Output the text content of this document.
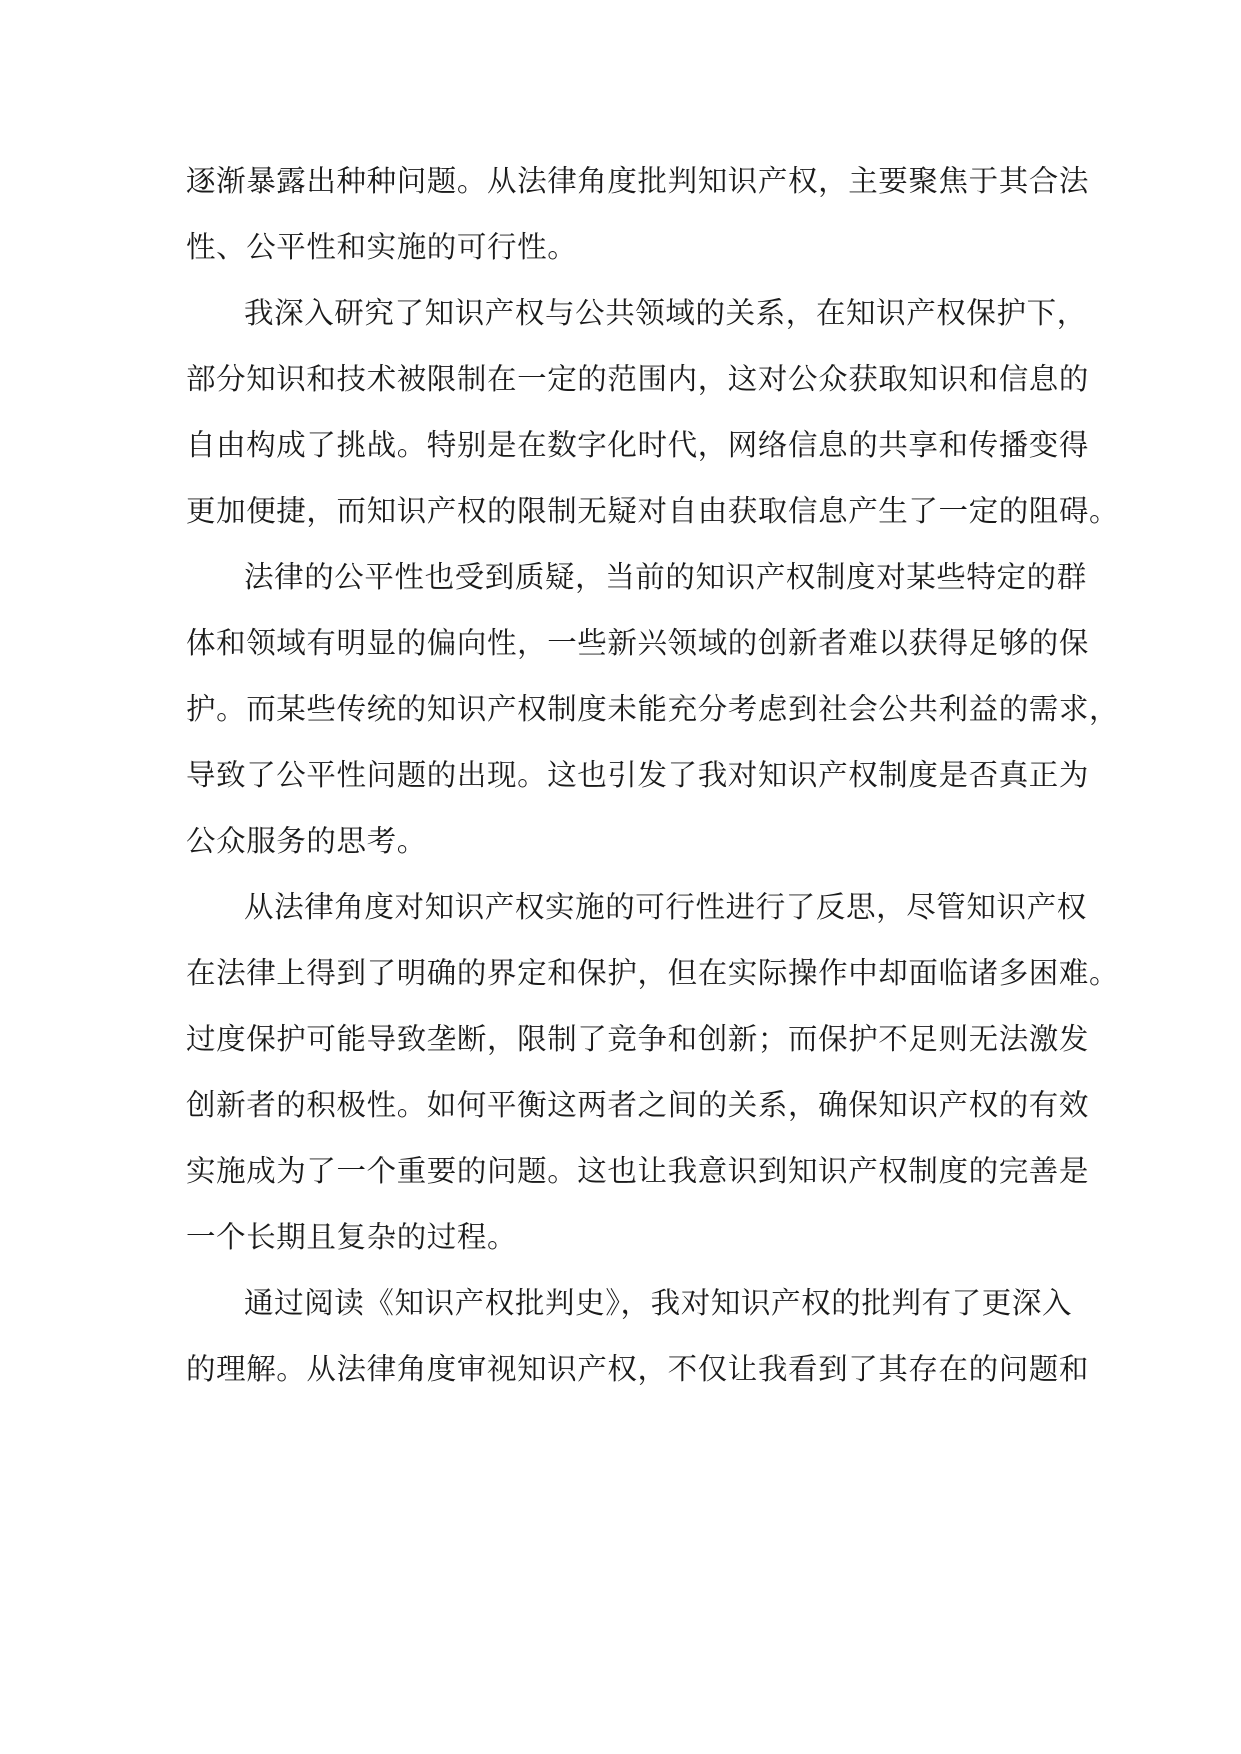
逐渐暴露出种种问题。从法律角度批判知识产权，主要聚焦于其合法
性、公平性和实施的可行性。
我深入研究了知识产权与公共领域的关系，在知识产权保护下，
部分知识和技术被限制在一定的范围内，这对公众获取知识和信息的
自由构成了挑战。特别是在数字化时代，网络信息的共享和传播变得
更加便捷，而知识产权的限制无疑对自由获取信息产生了一定的阻碍。
法律的公平性也受到质疑，当前的知识产权制度对某些特定的群
体和领域有明显的偏向性，一些新兴领域的创新者难以获得足够的保
护。而某些传统的知识产权制度未能充分考虑到社会公共利益的需求，
导致了公平性问题的出现。这也引发了我对知识产权制度是否真正为
公众服务的思考。
从法律角度对知识产权实施的可行性进行了反思，尽管知识产权
在法律上得到了明确的界定和保护，但在实际操作中却面临诸多困难。
过度保护可能导致垄断，限制了竞争和创新；而保护不足则无法激发
创新者的积极性。如何平衡这两者之间的关系，确保知识产权的有效
实施成为了一个重要的问题。这也让我意识到知识产权制度的完善是
一个长期且复杂的过程。
通过阅读《知识产权批判史》，我对知识产权的批判有了更深入
的理解。从法律角度审视知识产权，不仅让我看到了其存在的问题和
